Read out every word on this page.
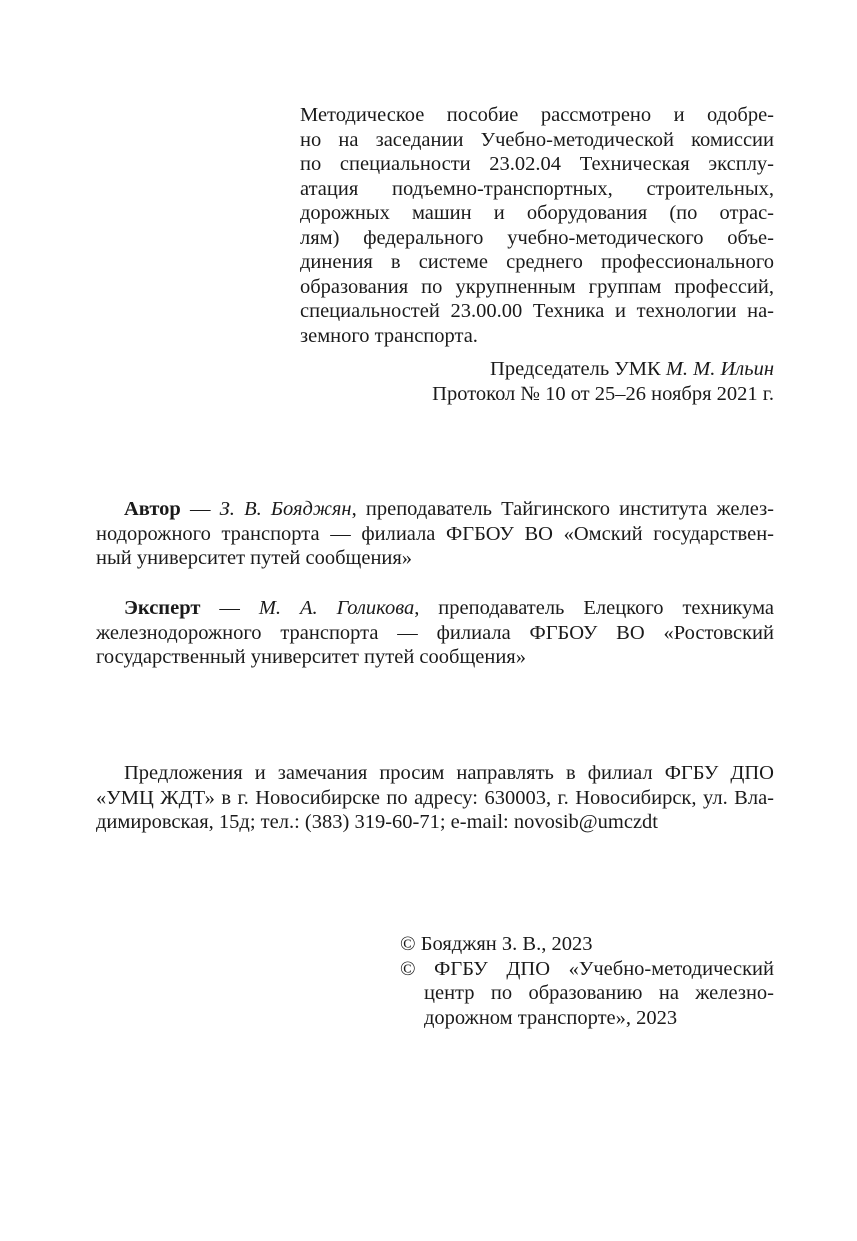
Методическое пособие рассмотрено и одобре-
но на заседании Учебно-методической комиссии
по специальности 23.02.04 Техническая эксплу-
атация подъемно-транспортных, строительных,
дорожных машин и оборудования (по отрас-
лям) федерального учебно-методического объе-
динения в системе среднего профессионального
образования по укрупненным группам профессий,
специальностей 23.00.00 Техника и технологии на-
земного транспорта.
Председатель УМК М. М. Ильин
Протокол № 10 от 25–26 ноября 2021 г.
Автор — З. В. Бояджян, преподаватель Тайгинского института желез-
нодорожного транспорта — филиала ФГБОУ ВО «Омский государствен-
ный университет путей сообщения»
Эксперт — М. А. Голикова, преподаватель Елецкого техникума
железнодорожного транспорта — филиала ФГБОУ ВО «Ростовский
государственный университет путей сообщения»
Предложения и замечания просим направлять в филиал ФГБУ ДПО
«УМЦ ЖДТ» в г. Новосибирске по адресу: 630003, г. Новосибирск, ул. Вла-
димировская, 15д; тел.: (383) 319-60-71; e-mail: novosib@umczdt
© Бояджян З. В., 2023
© ФГБУ ДПО «Учебно-методический
центр по образованию на железно-
дорожном транспорте», 2023
